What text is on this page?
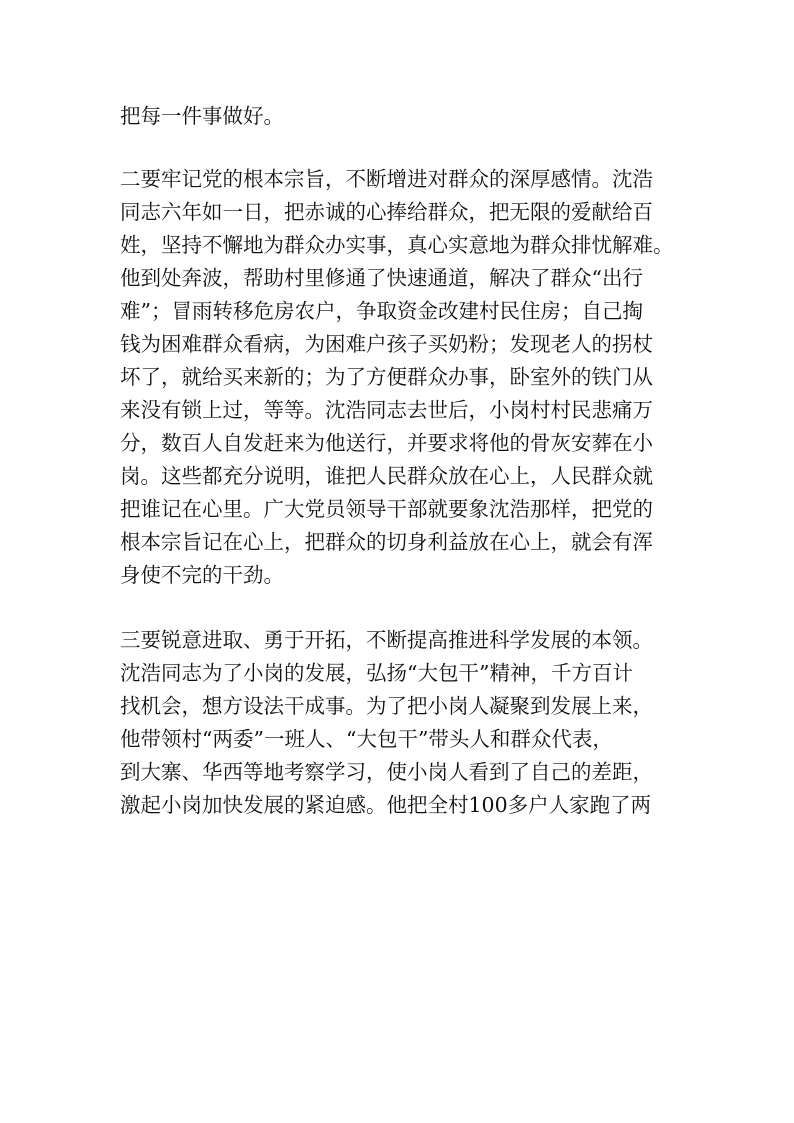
把每一件事做好。
二要牢记党的根本宗旨，不断增进对群众的深厚感情。沈浩
同志六年如一日，把赤诚的心捧给群众，把无限的爱献给百
姓，坚持不懈地为群众办实事，真心实意地为群众排忧解难。
他到处奔波，帮助村里修通了快速通道，解决了群众“出行
难”；冒雨转移危房农户，争取资金改建村民住房；自己掏
钱为困难群众看病，为困难户孩子买奶粉；发现老人的拐杖
坏了，就给买来新的；为了方便群众办事，卧室外的铁门从
来没有锁上过，等等。沈浩同志去世后，小岗村村民悲痛万
分，数百人自发赶来为他送行，并要求将他的骨灰安葬在小
岗。这些都充分说明，谁把人民群众放在心上，人民群众就
把谁记在心里。广大党员领导干部就要象沈浩那样，把党的
根本宗旨记在心上，把群众的切身利益放在心上，就会有浑
身使不完的干劲。
三要锐意进取、勇于开拓，不断提高推进科学发展的本领。
沈浩同志为了小岗的发展，弘扬“大包干”精神，千方百计
找机会，想方设法干成事。为了把小岗人凝聚到发展上来，
他带领村“两委”一班人、“大包干”带头人和群众代表，
到大寨、华西等地考察学习，使小岗人看到了自己的差距，
激起小岗加快发展的紧迫感。他把全村100多户人家跑了两
